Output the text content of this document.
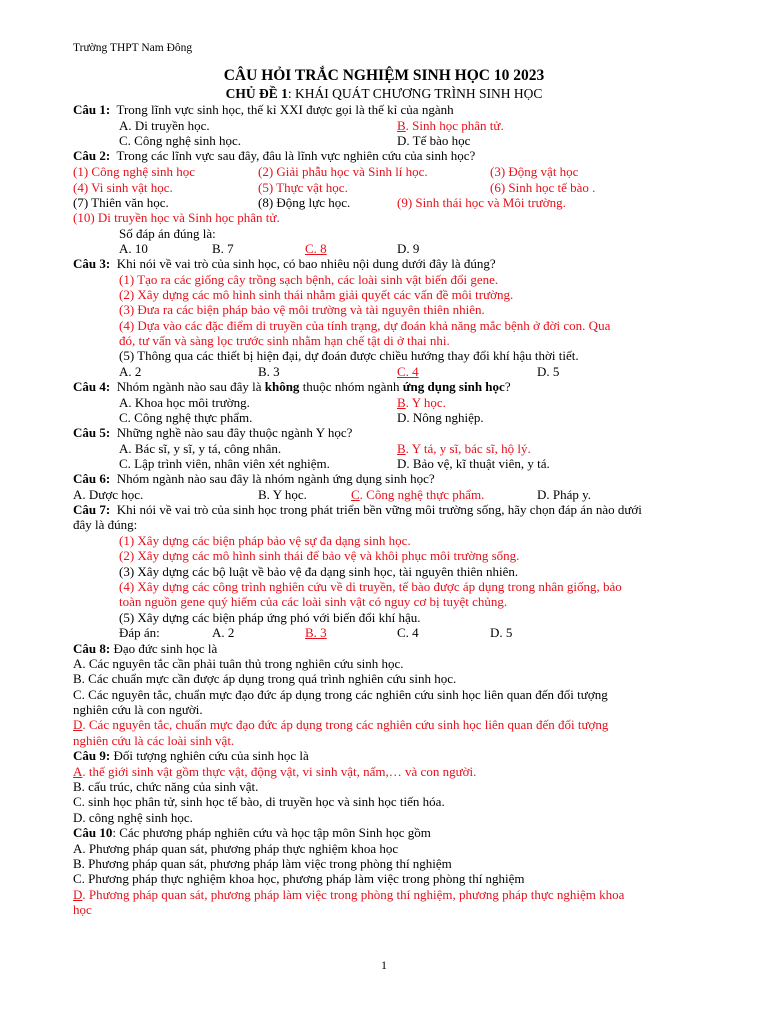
Trường THPT Nam Đông
CÂU HỎI TRẮC NGHIỆM SINH HỌC 10 2023
CHỦ ĐỀ 1: KHÁI QUÁT CHƯƠNG TRÌNH SINH HỌC
Câu 1: Trong lĩnh vực sinh học, thế kỉ XXI được gọi là thế kỉ của ngành
A. Di truyền học.	B. Sinh học phân tử.
C. Công nghệ sinh học.	D. Tế bào học
Câu 2: Trong các lĩnh vực sau đây, đâu là lĩnh vực nghiên cứu của sinh học?
(1) Công nghệ sinh học	(2) Giải phẫu học và Sinh lí học.	(3) Động vật học
(4) Vi sinh vật học.	(5) Thực vật học.	(6) Sinh học tế bào .
(7) Thiên văn học.	(8) Động lực học.	(9) Sinh thái học và Môi trường.
(10) Di truyền học và Sinh học phân tử.
Số đáp án đúng là:
A. 10	B. 7	C. 8	D. 9
Câu 3: Khi nói về vai trò của sinh học, có bao nhiêu nội dung dưới đây là đúng?
(1) Tạo ra các giống cây trồng sạch bệnh, các loài sinh vật biến đổi gene.
(2) Xây dựng các mô hình sinh thái nhằm giải quyết các vấn đề môi trường.
(3) Đưa ra các biện pháp bảo vệ môi trường và tài nguyên thiên nhiên.
(4) Dựa vào các đặc điểm di truyền của tính trạng, dự đoán khả năng mắc bệnh ở đời con. Qua
đó, tư vấn và sàng lọc trước sinh nhằm hạn chế tật di ở thai nhi.
(5) Thông qua các thiết bị hiện đại, dự đoán được chiều hướng thay đổi khí hậu thời tiết.
A. 2	B. 3	C. 4	D. 5
Câu 4: Nhóm ngành nào sau đây là không thuộc nhóm ngành ứng dụng sinh học?
A. Khoa học môi trường.	B. Y học.
C. Công nghệ thực phẩm.	D. Nông nghiệp.
Câu 5: Những nghề nào sau đây thuộc ngành Y học?
A. Bác sĩ, y sĩ, y tá, công nhân.	B. Y tá, y sĩ, bác sĩ, hộ lý.
C. Lập trình viên, nhân viên xét nghiệm.	D. Bảo vệ, kĩ thuật viên, y tá.
Câu 6: Nhóm ngành nào sau đây là nhóm ngành ứng dụng sinh học?
A. Dược học.	B. Y học.	C. Công nghệ thực phẩm.	D. Pháp y.
Câu 7: Khi nói về vai trò của sinh học trong phát triển bền vững môi trường sống, hãy chọn đáp án nào dưới
đây là đúng:
(1) Xây dựng các biện pháp bảo vệ sự đa dạng sinh học.
(2) Xây dựng các mô hình sinh thái để bảo vệ và khôi phục môi trường sống.
(3) Xây dựng các bộ luật về bảo vệ đa dạng sinh học, tài nguyên thiên nhiên.
(4) Xây dựng các công trình nghiên cứu về di truyền, tế bào được áp dụng trong nhân giống, bảo
toàn nguồn gene quý hiếm của các loài sinh vật có nguy cơ bị tuyệt chủng.
(5) Xây dựng các biện pháp ứng phó với biến đổi khí hậu.
Đáp án:	A. 2	B. 3	C. 4	D. 5
Câu 8: Đạo đức sinh học là
A. Các nguyên tắc cần phải tuân thủ trong nghiên cứu sinh học.
B. Các chuẩn mực cần được áp dụng trong quá trình nghiên cứu sinh học.
C. Các nguyên tắc, chuẩn mực đạo đức áp dụng trong các nghiên cứu sinh học liên quan đến đối tượng
nghiên cứu là con người.
D. Các nguyên tắc, chuẩn mực đạo đức áp dụng trong các nghiên cứu sinh học liên quan đến đối tượng
nghiên cứu là các loài sinh vật.
Câu 9: Đối tượng nghiên cứu của sinh học là
A. thế giới sinh vật gồm thực vật, động vật, vi sinh vật, nấm,… và con người.
B. cấu trúc, chức năng của sinh vật.
C. sinh học phân tử, sinh học tế bào, di truyền học và sinh học tiến hóa.
D. công nghệ sinh học.
Câu 10: Các phương pháp nghiên cứu và học tập môn Sinh học gồm
A. Phương pháp quan sát, phương pháp thực nghiệm khoa học
B. Phương pháp quan sát, phương pháp làm việc trong phòng thí nghiệm
C. Phương pháp thực nghiệm khoa học, phương pháp làm việc trong phòng thí nghiệm
D. Phương pháp quan sát, phương pháp làm việc trong phòng thí nghiệm, phương pháp thực nghiệm khoa
học
1
